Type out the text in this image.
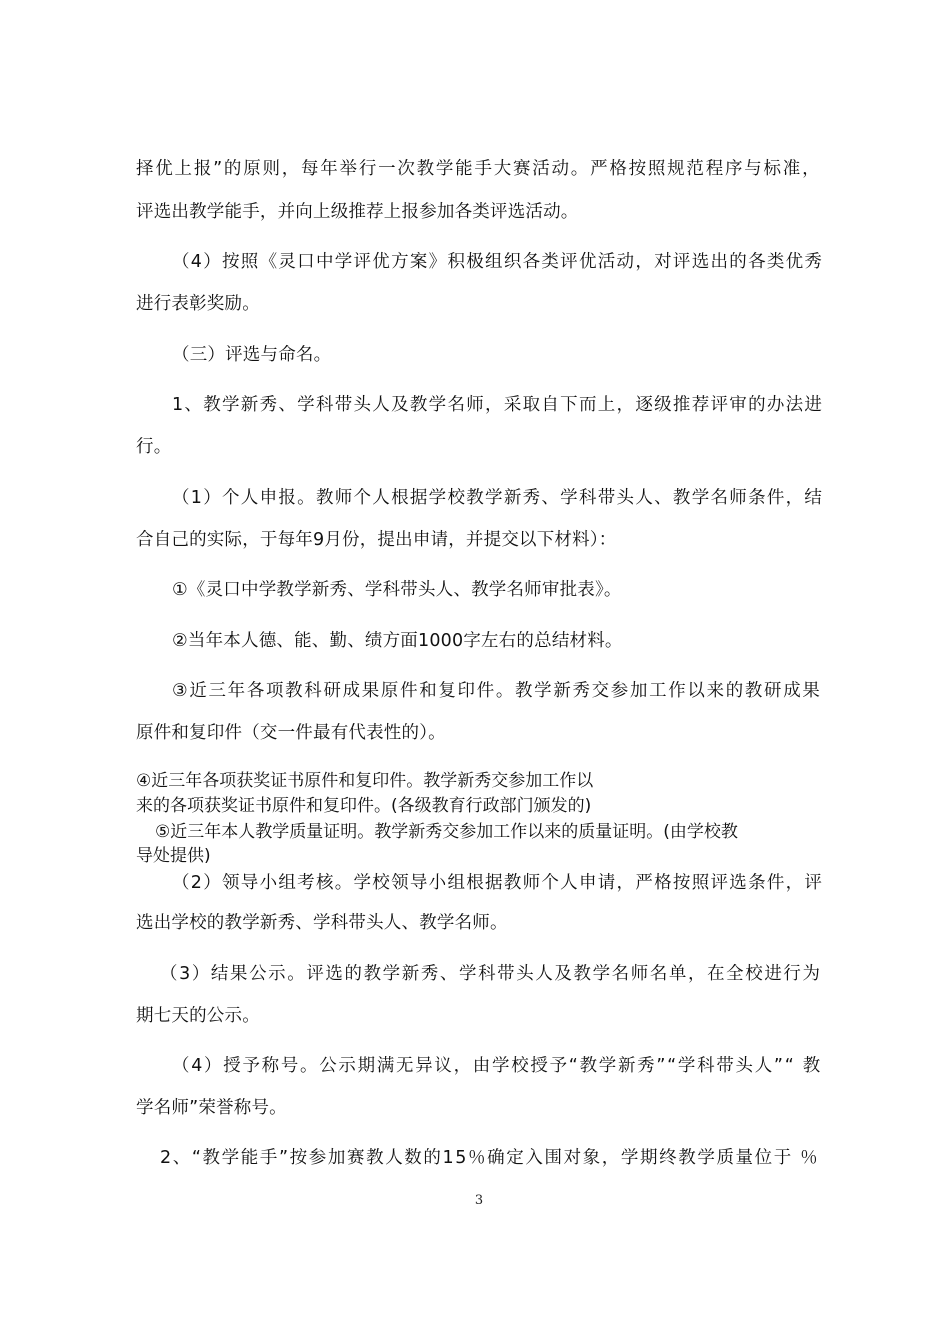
择优上报”的原则，每年举行一次教学能手大赛活动。严格按照规范程序与标准，
评选出教学能手，并向上级推荐上报参加各类评选活动。
（4）按照《灵口中学评优方案》积极组织各类评优活动，对评选出的各类优秀
进行表彰奖励。
（三）评选与命名。
1、教学新秀、学科带头人及教学名师，采取自下而上，逐级推荐评审的办法进
行。
（1）个人申报。教师个人根据学校教学新秀、学科带头人、教学名师条件，结
合自己的实际，于每年9月份，提出申请，并提交以下材料）：
①《灵口中学教学新秀、学科带头人、教学名师审批表》。
②当年本人德、能、勤、绩方面1000字左右的总结材料。
③近三年各项教科研成果原件和复印件。教学新秀交参加工作以来的教研成果
原件和复印件（交一件最有代表性的）。
④近三年各项获奖证书原件和复印件。教学新秀交参加工作以
来的各项获奖证书原件和复印件。(各级教育行政部门颁发的)
⑤近三年本人教学质量证明。教学新秀交参加工作以来的质量证明。(由学校教
导处提供)
（2）领导小组考核。学校领导小组根据教师个人申请，严格按照评选条件，评
选出学校的教学新秀、学科带头人、教学名师。
（3）结果公示。评选的教学新秀、学科带头人及教学名师名单，在全校进行为
期七天的公示。
（4）授予称号。公示期满无异议，由学校授予“教学新秀”“学科带头人”“ 教
学名师”荣誉称号。
2、“教学能手”按参加赛教人数的15％确定入围对象，学期终教学质量位于 ％
3
